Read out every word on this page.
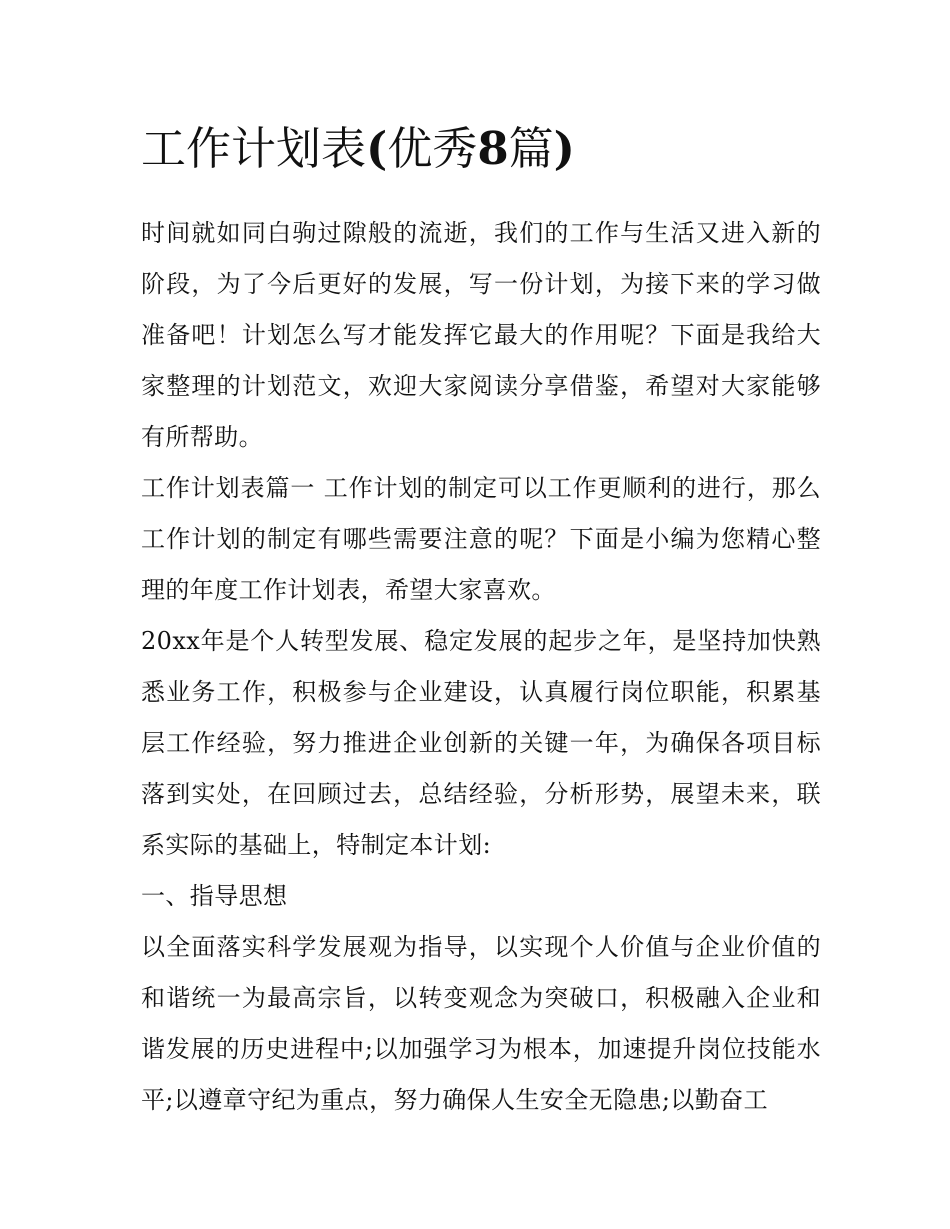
工作计划表(优秀8篇)

时间就如同白驹过隙般的流逝，我们的工作与生活又进入新的阶段，为了今后更好的发展，写一份计划，为接下来的学习做准备吧！计划怎么写才能发挥它最大的作用呢？下面是我给大家整理的计划范文，欢迎大家阅读分享借鉴，希望对大家能够有所帮助。

工作计划表篇一 工作计划的制定可以工作更顺利的进行，那么工作计划的制定有哪些需要注意的呢？下面是小编为您精心整理的年度工作计划表，希望大家喜欢。

20xx年是个人转型发展、稳定发展的起步之年，是坚持加快熟悉业务工作，积极参与企业建设，认真履行岗位职能，积累基层工作经验，努力推进企业创新的关键一年，为确保各项目标落到实处，在回顾过去，总结经验，分析形势，展望未来，联系实际的基础上，特制定本计划:

一、指导思想

以全面落实科学发展观为指导，以实现个人价值与企业价值的和谐统一为最高宗旨，以转变观念为突破口，积极融入企业和谐发展的历史进程中;以加强学习为根本，加速提升岗位技能水平;以遵章守纪为重点，努力确保人生安全无隐患;以勤奋工
